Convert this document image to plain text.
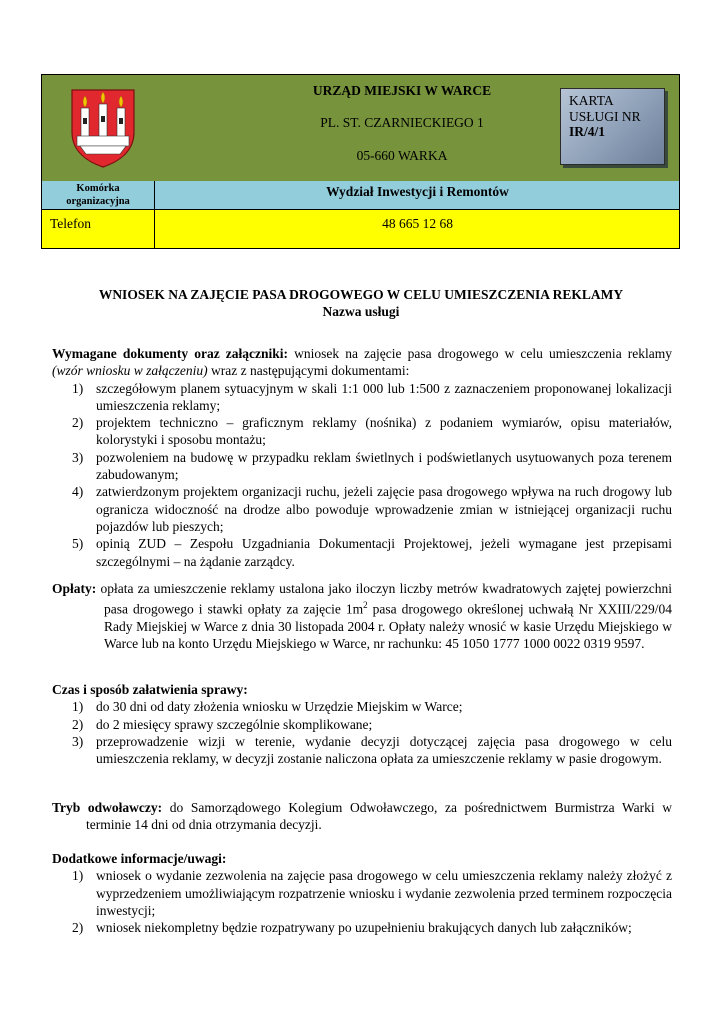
URZĄD MIEJSKI W WARCE
PL. ST. CZARNIECKIEGO 1
05-660 WARKA
KARTA
USŁUGI NR
IR/4/1
Komórka
organizacyjna
Wydział Inwestycji i Remontów
Telefon	48 665 12 68
WNIOSEK NA ZAJĘCIE PASA DROGOWEGO W CELU UMIESZCZENIA REKLAMY
Nazwa usługi

Wymagane dokumenty oraz załączniki: wniosek na zajęcie pasa drogowego w celu umieszczenia reklamy (wzór wniosku w załączeniu) wraz z następującymi dokumentami:

1) szczegółowym planem sytuacyjnym w skali 1:1 000 lub 1:500 z zaznaczeniem proponowanej lokalizacji umieszczenia reklamy;
2) projektem techniczno – graficznym reklamy (nośnika) z podaniem wymiarów, opisu materiałów, kolorystyki i sposobu montażu;
3) pozwoleniem na budowę w przypadku reklam świetlnych i podświetlanych usytuowanych poza terenem zabudowanym;
4) zatwierdzonym projektem organizacji ruchu, jeżeli zajęcie pasa drogowego wpływa na ruch drogowy lub ogranicza widoczność na drodze albo powoduje wprowadzenie zmian w istniejącej organizacji ruchu pojazdów lub pieszych;
5) opinią ZUD – Zespołu Uzgadniania Dokumentacji Projektowej, jeżeli wymagane jest przepisami szczególnymi – na żądanie zarządcy.

Opłaty: opłata za umieszczenie reklamy ustalona jako iloczyn liczby metrów kwadratowych zajętej powierzchni pasa drogowego i stawki opłaty za zajęcie $1m^2$ pasa drogowego określonej uchwałą Nr XXIII/229/04 Rady Miejskiej w Warce z dnia 30 listopada 2004 r. Opłaty należy wnosić w kasie Urzędu Miejskiego w Warce lub na konto Urzędu Miejskiego w Warce, nr rachunku: 45 1050 1777 1000 0022 0319 9597.

Czas i sposób załatwienia sprawy:

1) do 30 dni od daty złożenia wniosku w Urzędzie Miejskim w Warce;
2) do 2 miesięcy sprawy szczególnie skomplikowane;
3) przeprowadzenie wizji w terenie, wydanie decyzji dotyczącej zajęcia pasa drogowego w celu umieszczenia reklamy, w decyzji zostanie naliczona opłata za umieszczenie reklamy w pasie drogowym.

Tryb odwoławczy: do Samorządowego Kolegium Odwoławczego, za pośrednictwem Burmistrza Warki w terminie 14 dni od dnia otrzymania decyzji.

Dodatkowe informacje/uwagi:

1) wniosek o wydanie zezwolenia na zajęcie pasa drogowego w celu umieszczenia reklamy należy złożyć z wyprzedzeniem umożliwiającym rozpatrzenie wniosku i wydanie zezwolenia przed terminem rozpoczęcia inwestycji;
2) wniosek niekompletny będzie rozpatrywany po uzupełnieniu brakujących danych lub załączników;
